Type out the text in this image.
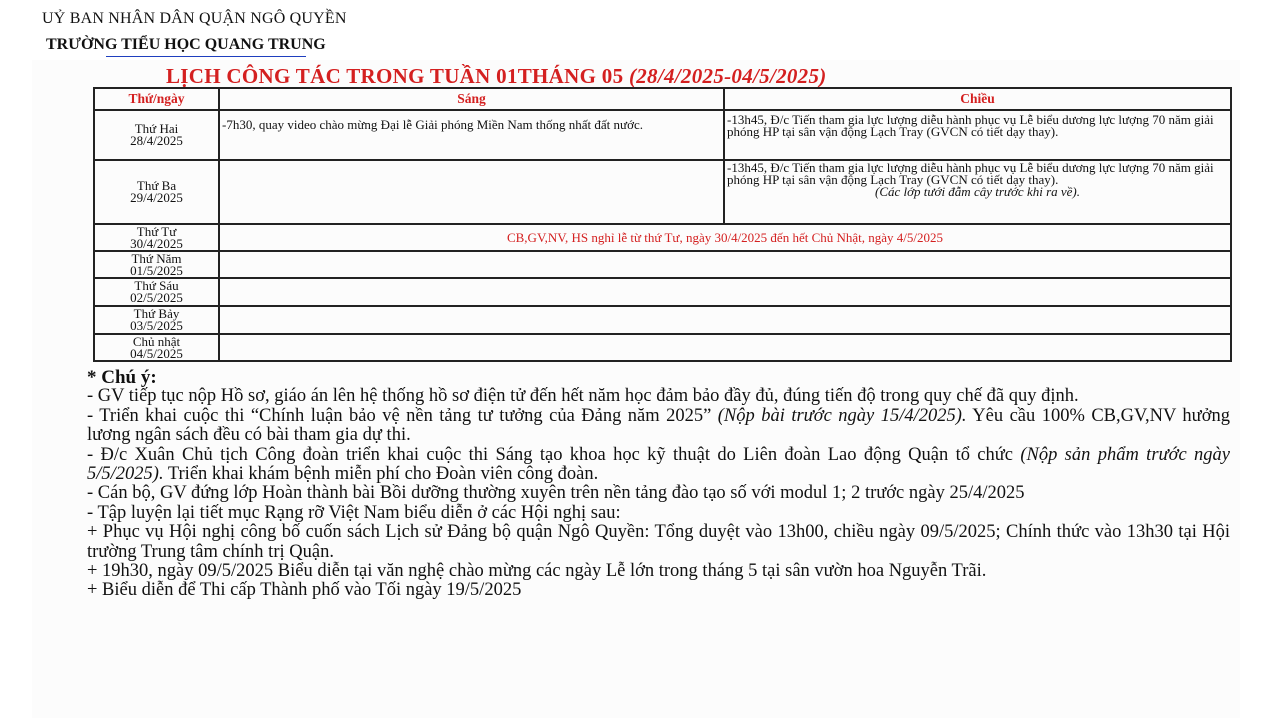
UỶ BAN NHÂN DÂN QUẬN NGÔ QUYỀN
TRƯỜNG TIỂU HỌC QUANG TRUNG
LỊCH CÔNG TÁC TRONG TUẦN 01THÁNG 05 (28/4/2025-04/5/2025)
Thứ/ngày	Sáng	Chiều

Thứ Hai
28/4/2025	-7h30, quay video chào mừng Đại lễ Giải phóng Miền Nam thống nhất đất nước.	-13h45, Đ/c Tiến tham gia lực lượng diễu hành phục vụ Lễ biểu dương lực lượng 70 năm giải phóng HP tại sân vận động Lạch Tray (GVCN có tiết dạy thay).

Thứ Ba
29/4/2025		-13h45, Đ/c Tiến tham gia lực lượng diễu hành phục vụ Lễ biểu dương lực lượng 70 năm giải phóng HP tại sân vận động Lạch Tray (GVCN có tiết dạy thay).
(Các lớp tưới đẫm cây trước khi ra về).

Thứ Tư
30/4/2025	CB,GV,NV, HS nghỉ lễ từ thứ Tư, ngày 30/4/2025 đến hết Chủ Nhật, ngày 4/5/2025	

Thứ Năm
01/5/2025		

Thứ Sáu
02/5/2025		

Thứ Bảy
03/5/2025		

Chủ nhật
04/5/2025		

* Chú ý:

- GV tiếp tục nộp Hồ sơ, giáo án lên hệ thống hồ sơ điện tử đến hết năm học đảm bảo đầy đủ, đúng tiến độ trong quy chế đã quy định.

- Triển khai cuộc thi “Chính luận bảo vệ nền tảng tư tưởng của Đảng năm 2025” (Nộp bài trước ngày 15/4/2025). Yêu cầu 100% CB,GV,NV hưởng lương ngân sách đều có bài tham gia dự thi.

- Đ/c Xuân Chủ tịch Công đoàn triển khai cuộc thi Sáng tạo khoa học kỹ thuật do Liên đoàn Lao động Quận tổ chức (Nộp sản phẩm trước ngày 5/5/2025). Triển khai khám bệnh miễn phí cho Đoàn viên công đoàn.

- Cán bộ, GV đứng lớp Hoàn thành bài Bồi dưỡng thường xuyên trên nền tảng đào tạo số với modul 1; 2 trước ngày 25/4/2025

- Tập luyện lại tiết mục Rạng rỡ Việt Nam biểu diễn ở các Hội nghị sau:

+ Phục vụ Hội nghị công bố cuốn sách Lịch sử Đảng bộ quận Ngô Quyền: Tổng duyệt vào 13h00, chiều ngày 09/5/2025; Chính thức vào 13h30 tại Hội trường Trung tâm chính trị Quận.

+ 19h30, ngày 09/5/2025 Biểu diễn tại văn nghệ chào mừng các ngày Lễ lớn trong tháng 5 tại sân vườn hoa Nguyễn Trãi.

+ Biểu diễn để Thi cấp Thành phố vào Tối ngày 19/5/2025
